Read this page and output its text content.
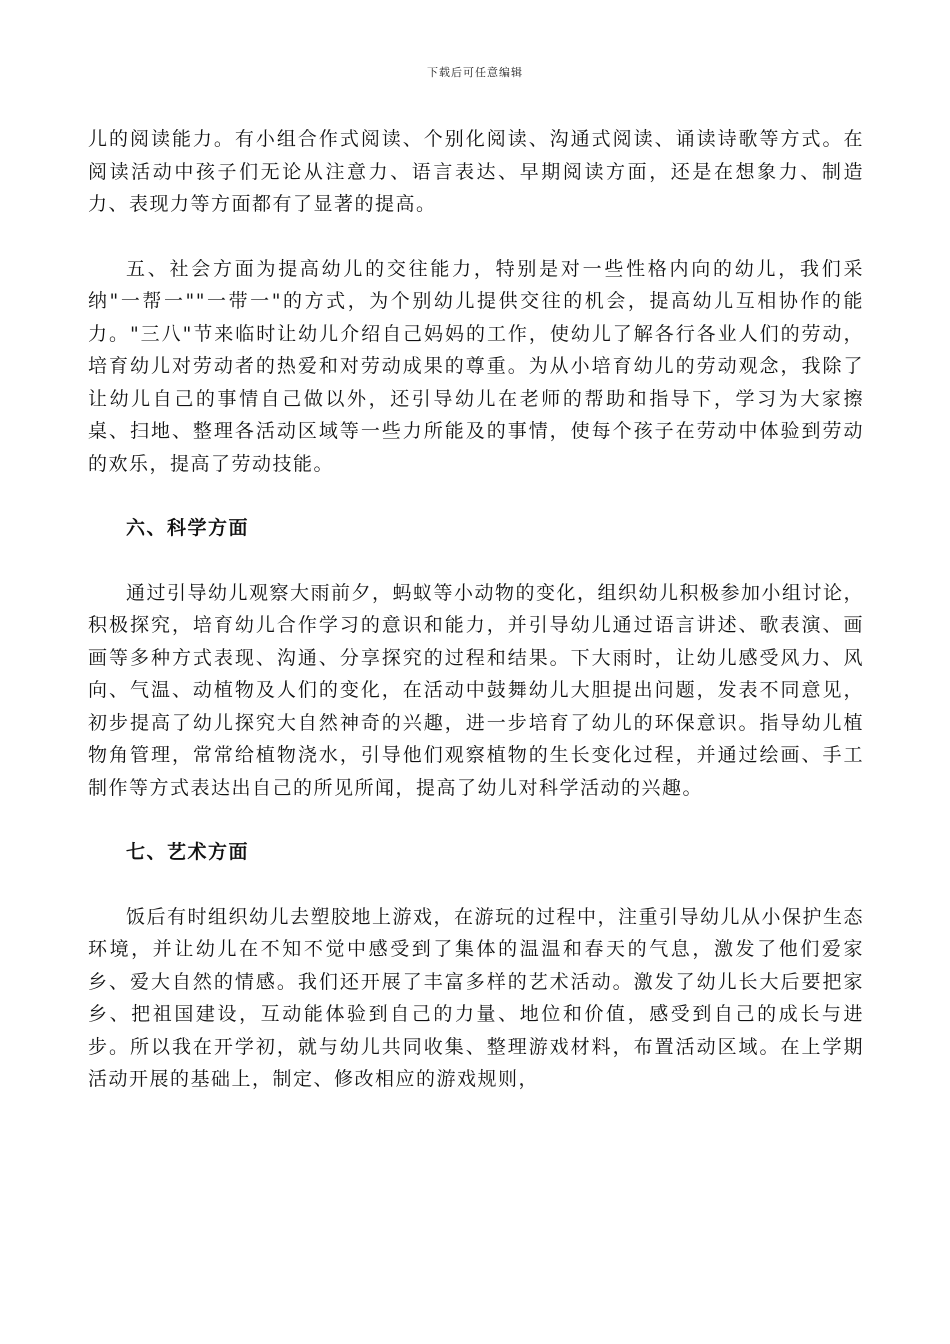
下载后可任意编辑

儿的阅读能力。有小组合作式阅读、个别化阅读、沟通式阅读、诵读诗歌等方式。在阅读活动中孩子们无论从注意力、语言表达、早期阅读方面，还是在想象力、制造力、表现力等方面都有了显著的提高。

五、社会方面为提高幼儿的交往能力，特别是对一些性格内向的幼儿，我们采纳"一帮一""一带一"的方式，为个别幼儿提供交往的机会，提高幼儿互相协作的能力。"三八"节来临时让幼儿介绍自己妈妈的工作，使幼儿了解各行各业人们的劳动，培育幼儿对劳动者的热爱和对劳动成果的尊重。为从小培育幼儿的劳动观念，我除了让幼儿自己的事情自己做以外，还引导幼儿在老师的帮助和指导下，学习为大家擦桌、扫地、整理各活动区域等一些力所能及的事情，使每个孩子在劳动中体验到劳动的欢乐，提高了劳动技能。

六、科学方面

通过引导幼儿观察大雨前夕，蚂蚁等小动物的变化，组织幼儿积极参加小组讨论，积极探究，培育幼儿合作学习的意识和能力，并引导幼儿通过语言讲述、歌表演、画画等多种方式表现、沟通、分享探究的过程和结果。下大雨时，让幼儿感受风力、风向、气温、动植物及人们的变化，在活动中鼓舞幼儿大胆提出问题，发表不同意见，初步提高了幼儿探究大自然神奇的兴趣，进一步培育了幼儿的环保意识。指导幼儿植物角管理，常常给植物浇水，引导他们观察植物的生长变化过程，并通过绘画、手工制作等方式表达出自己的所见所闻，提高了幼儿对科学活动的兴趣。

七、艺术方面

饭后有时组织幼儿去塑胶地上游戏，在游玩的过程中，注重引导幼儿从小保护生态环境，并让幼儿在不知不觉中感受到了集体的温温和春天的气息，激发了他们爱家乡、爱大自然的情感。我们还开展了丰富多样的艺术活动。激发了幼儿长大后要把家乡、把祖国建设，互动能体验到自己的力量、地位和价值，感受到自己的成长与进步。所以我在开学初，就与幼儿共同收集、整理游戏材料，布置活动区域。在上学期活动开展的基础上，制定、修改相应的游戏规则，
